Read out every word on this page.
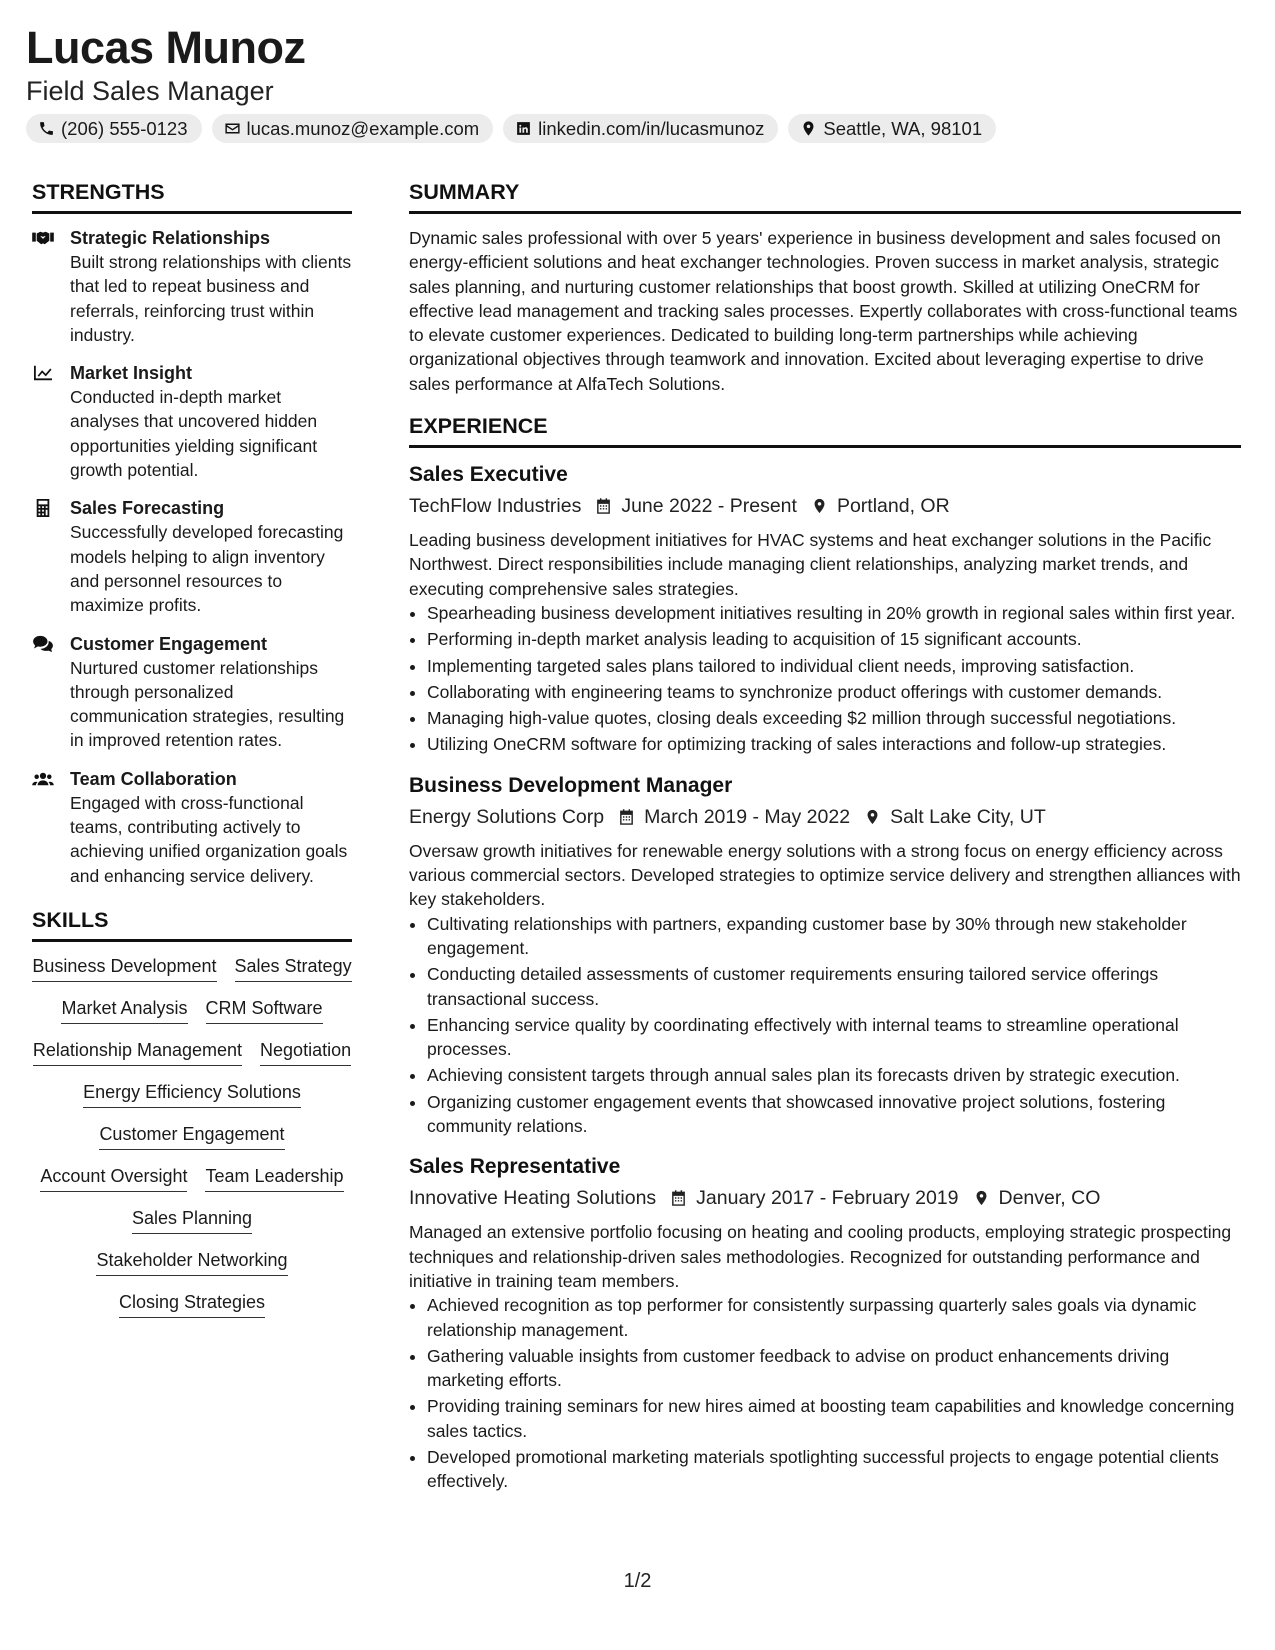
Lucas Munoz
Field Sales Manager
(206) 555-0123	lucas.munoz@example.com	linkedin.com/in/lucasmunoz	Seattle, WA, 98101
STRENGTHS
Strategic Relationships
Built strong relationships with clients that led to repeat business and referrals, reinforcing trust within industry.
Market Insight
Conducted in-depth market analyses that uncovered hidden opportunities yielding significant growth potential.
Sales Forecasting
Successfully developed forecasting models helping to align inventory and personnel resources to maximize profits.
Customer Engagement
Nurtured customer relationships through personalized communication strategies, resulting in improved retention rates.
Team Collaboration
Engaged with cross-functional teams, contributing actively to achieving unified organization goals and enhancing service delivery.
SKILLS
Business Development Sales Strategy
Market Analysis CRM Software
Relationship Management Negotiation
Energy Efficiency Solutions
Customer Engagement
Account Oversight Team Leadership
Sales Planning
Stakeholder Networking
Closing Strategies
SUMMARY

Dynamic sales professional with over 5 years' experience in business development and sales focused on energy-efficient solutions and heat exchanger technologies. Proven success in market analysis, strategic sales planning, and nurturing customer relationships that boost growth. Skilled at utilizing OneCRM for effective lead management and tracking sales processes. Expertly collaborates with cross-functional teams to elevate customer experiences. Dedicated to building long-term partnerships while achieving organizational objectives through teamwork and innovation. Excited about leveraging expertise to drive sales performance at AlfaTech Solutions.

EXPERIENCE
Sales Executive
TechFlow Industries June 2022 - Present Portland, OR
Leading business development initiatives for HVAC systems and heat exchanger solutions in the Pacific Northwest. Direct responsibilities include managing client relationships, analyzing market trends, and executing comprehensive sales strategies.
• Spearheading business development initiatives resulting in 20% growth in regional sales within first year.
• Performing in-depth market analysis leading to acquisition of 15 significant accounts.
• Implementing targeted sales plans tailored to individual client needs, improving satisfaction.
• Collaborating with engineering teams to synchronize product offerings with customer demands.
• Managing high-value quotes, closing deals exceeding $2 million through successful negotiations.
• Utilizing OneCRM software for optimizing tracking of sales interactions and follow-up strategies.
Business Development Manager
Energy Solutions Corp March 2019 - May 2022 Salt Lake City, UT
Oversaw growth initiatives for renewable energy solutions with a strong focus on energy efficiency across various commercial sectors. Developed strategies to optimize service delivery and strengthen alliances with key stakeholders.
• Cultivating relationships with partners, expanding customer base by 30% through new stakeholder engagement.
• Conducting detailed assessments of customer requirements ensuring tailored service offerings transactional success.
• Enhancing service quality by coordinating effectively with internal teams to streamline operational processes.
• Achieving consistent targets through annual sales plan its forecasts driven by strategic execution.
• Organizing customer engagement events that showcased innovative project solutions, fostering community relations.
Sales Representative
Innovative Heating Solutions January 2017 - February 2019 Denver, CO
Managed an extensive portfolio focusing on heating and cooling products, employing strategic prospecting techniques and relationship-driven sales methodologies. Recognized for outstanding performance and initiative in training team members.
• Achieved recognition as top performer for consistently surpassing quarterly sales goals via dynamic relationship management.
• Gathering valuable insights from customer feedback to advise on product enhancements driving marketing efforts.
• Providing training seminars for new hires aimed at boosting team capabilities and knowledge concerning sales tactics.
• Developed promotional marketing materials spotlighting successful projects to engage potential clients effectively.
1/2
